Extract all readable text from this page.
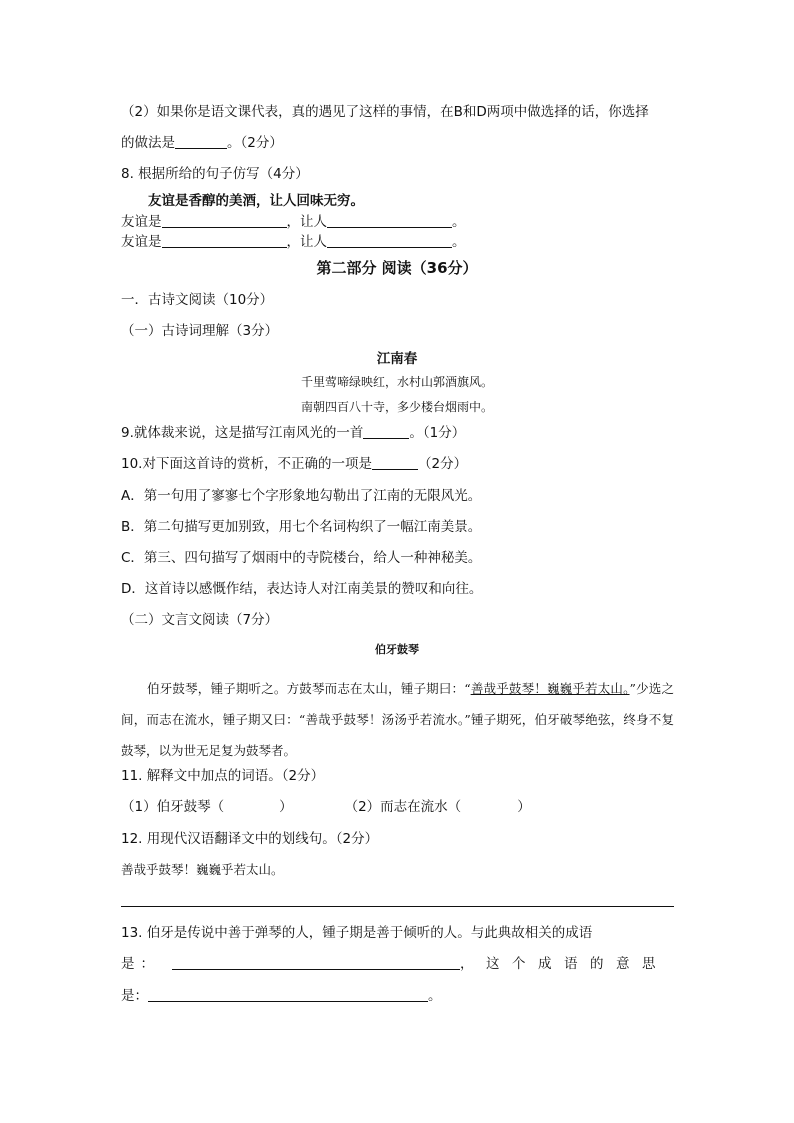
（2）如果你是语文课代表，真的遇见了这样的事情，在B和D两项中做选择的话，你选择
的做法是	。（2分）
8. 根据所给的句子仿写（4分）
友谊是香醇的美酒，让人回味无穷。
友谊是	，让人	。
友谊是	，让人	。
第二部分 阅读（36分）
一．古诗文阅读（10分）
（一）古诗词理解（3分）
江南春
千里莺啼绿映红，水村山郭酒旗风。
南朝四百八十寺，多少楼台烟雨中。
9.就体裁来说，这是描写江南风光的一首	。（1分）
10.对下面这首诗的赏析，不正确的一项是	（2分）
A．第一句用了寥寥七个字形象地勾勒出了江南的无限风光。
B．第二句描写更加别致，用七个名词构织了一幅江南美景。
C．第三、四句描写了烟雨中的寺院楼台，给人一种神秘美。
D．这首诗以感慨作结，表达诗人对江南美景的赞叹和向往。
（二）文言文阅读（7分）
伯牙鼓琴
伯牙鼓琴，锺子期听之。方鼓琴而志在太山，锺子期曰：“善哉乎鼓琴！巍巍乎若太山。”少选之间，而志在流水，锺子期又曰：“善哉乎鼓琴！汤汤乎若流水。”锺子期死，伯牙破琴绝弦，终身不复鼓琴，以为世无足复为鼓琴者。
11. 解释文中加点的词语。（2分）
（1）伯牙鼓琴（	）	（2）而志在流水（	）
12. 用现代汉语翻译文中的划线句。（2分）
善哉乎鼓琴！巍巍乎若太山。
13. 伯牙是传说中善于弹琴的人，锺子期是善于倾听的人。与此典故相关的成语
是：	，这个成语的意思
是：	。
